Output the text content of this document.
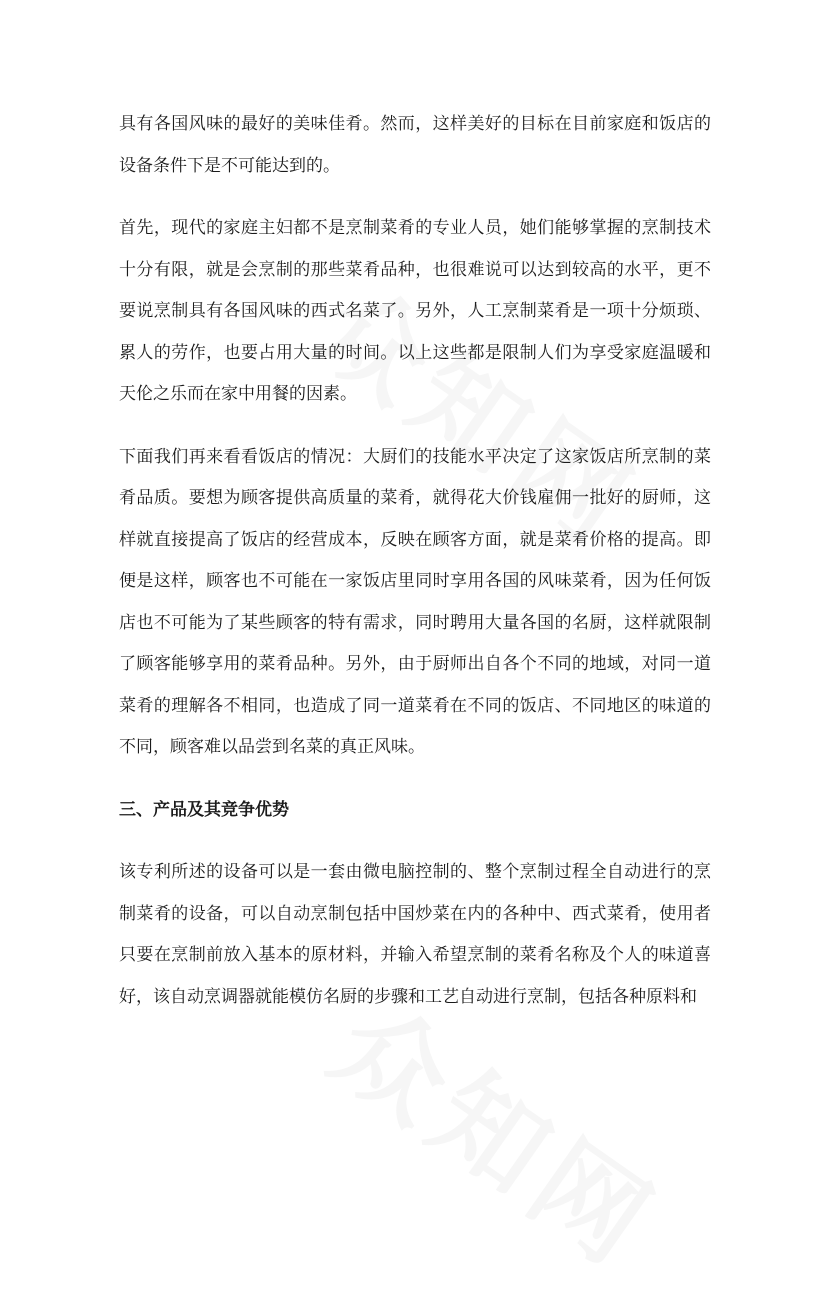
具有各国风味的最好的美味佳肴。然而，这样美好的目标在目前家庭和饭店的设备条件下是不可能达到的。

首先，现代的家庭主妇都不是烹制菜肴的专业人员，她们能够掌握的烹制技术十分有限，就是会烹制的那些菜肴品种，也很难说可以达到较高的水平，更不要说烹制具有各国风味的西式名菜了。另外，人工烹制菜肴是一项十分烦琐、累人的劳作，也要占用大量的时间。以上这些都是限制人们为享受家庭温暖和天伦之乐而在家中用餐的因素。

下面我们再来看看饭店的情况：大厨们的技能水平决定了这家饭店所烹制的菜肴品质。要想为顾客提供高质量的菜肴，就得花大价钱雇佣一批好的厨师，这样就直接提高了饭店的经营成本，反映在顾客方面，就是菜肴价格的提高。即便是这样，顾客也不可能在一家饭店里同时享用各国的风味菜肴，因为任何饭店也不可能为了某些顾客的特有需求，同时聘用大量各国的名厨，这样就限制了顾客能够享用的菜肴品种。另外，由于厨师出自各个不同的地域，对同一道菜肴的理解各不相同，也造成了同一道菜肴在不同的饭店、不同地区的味道的不同，顾客难以品尝到名菜的真正风味。

三、产品及其竞争优势

该专利所述的设备可以是一套由微电脑控制的、整个烹制过程全自动进行的烹制菜肴的设备，可以自动烹制包括中国炒菜在内的各种中、西式菜肴，使用者只要在烹制前放入基本的原材料，并输入希望烹制的菜肴名称及个人的味道喜好，该自动烹调器就能模仿名厨的步骤和工艺自动进行烹制，包括各种原料和
